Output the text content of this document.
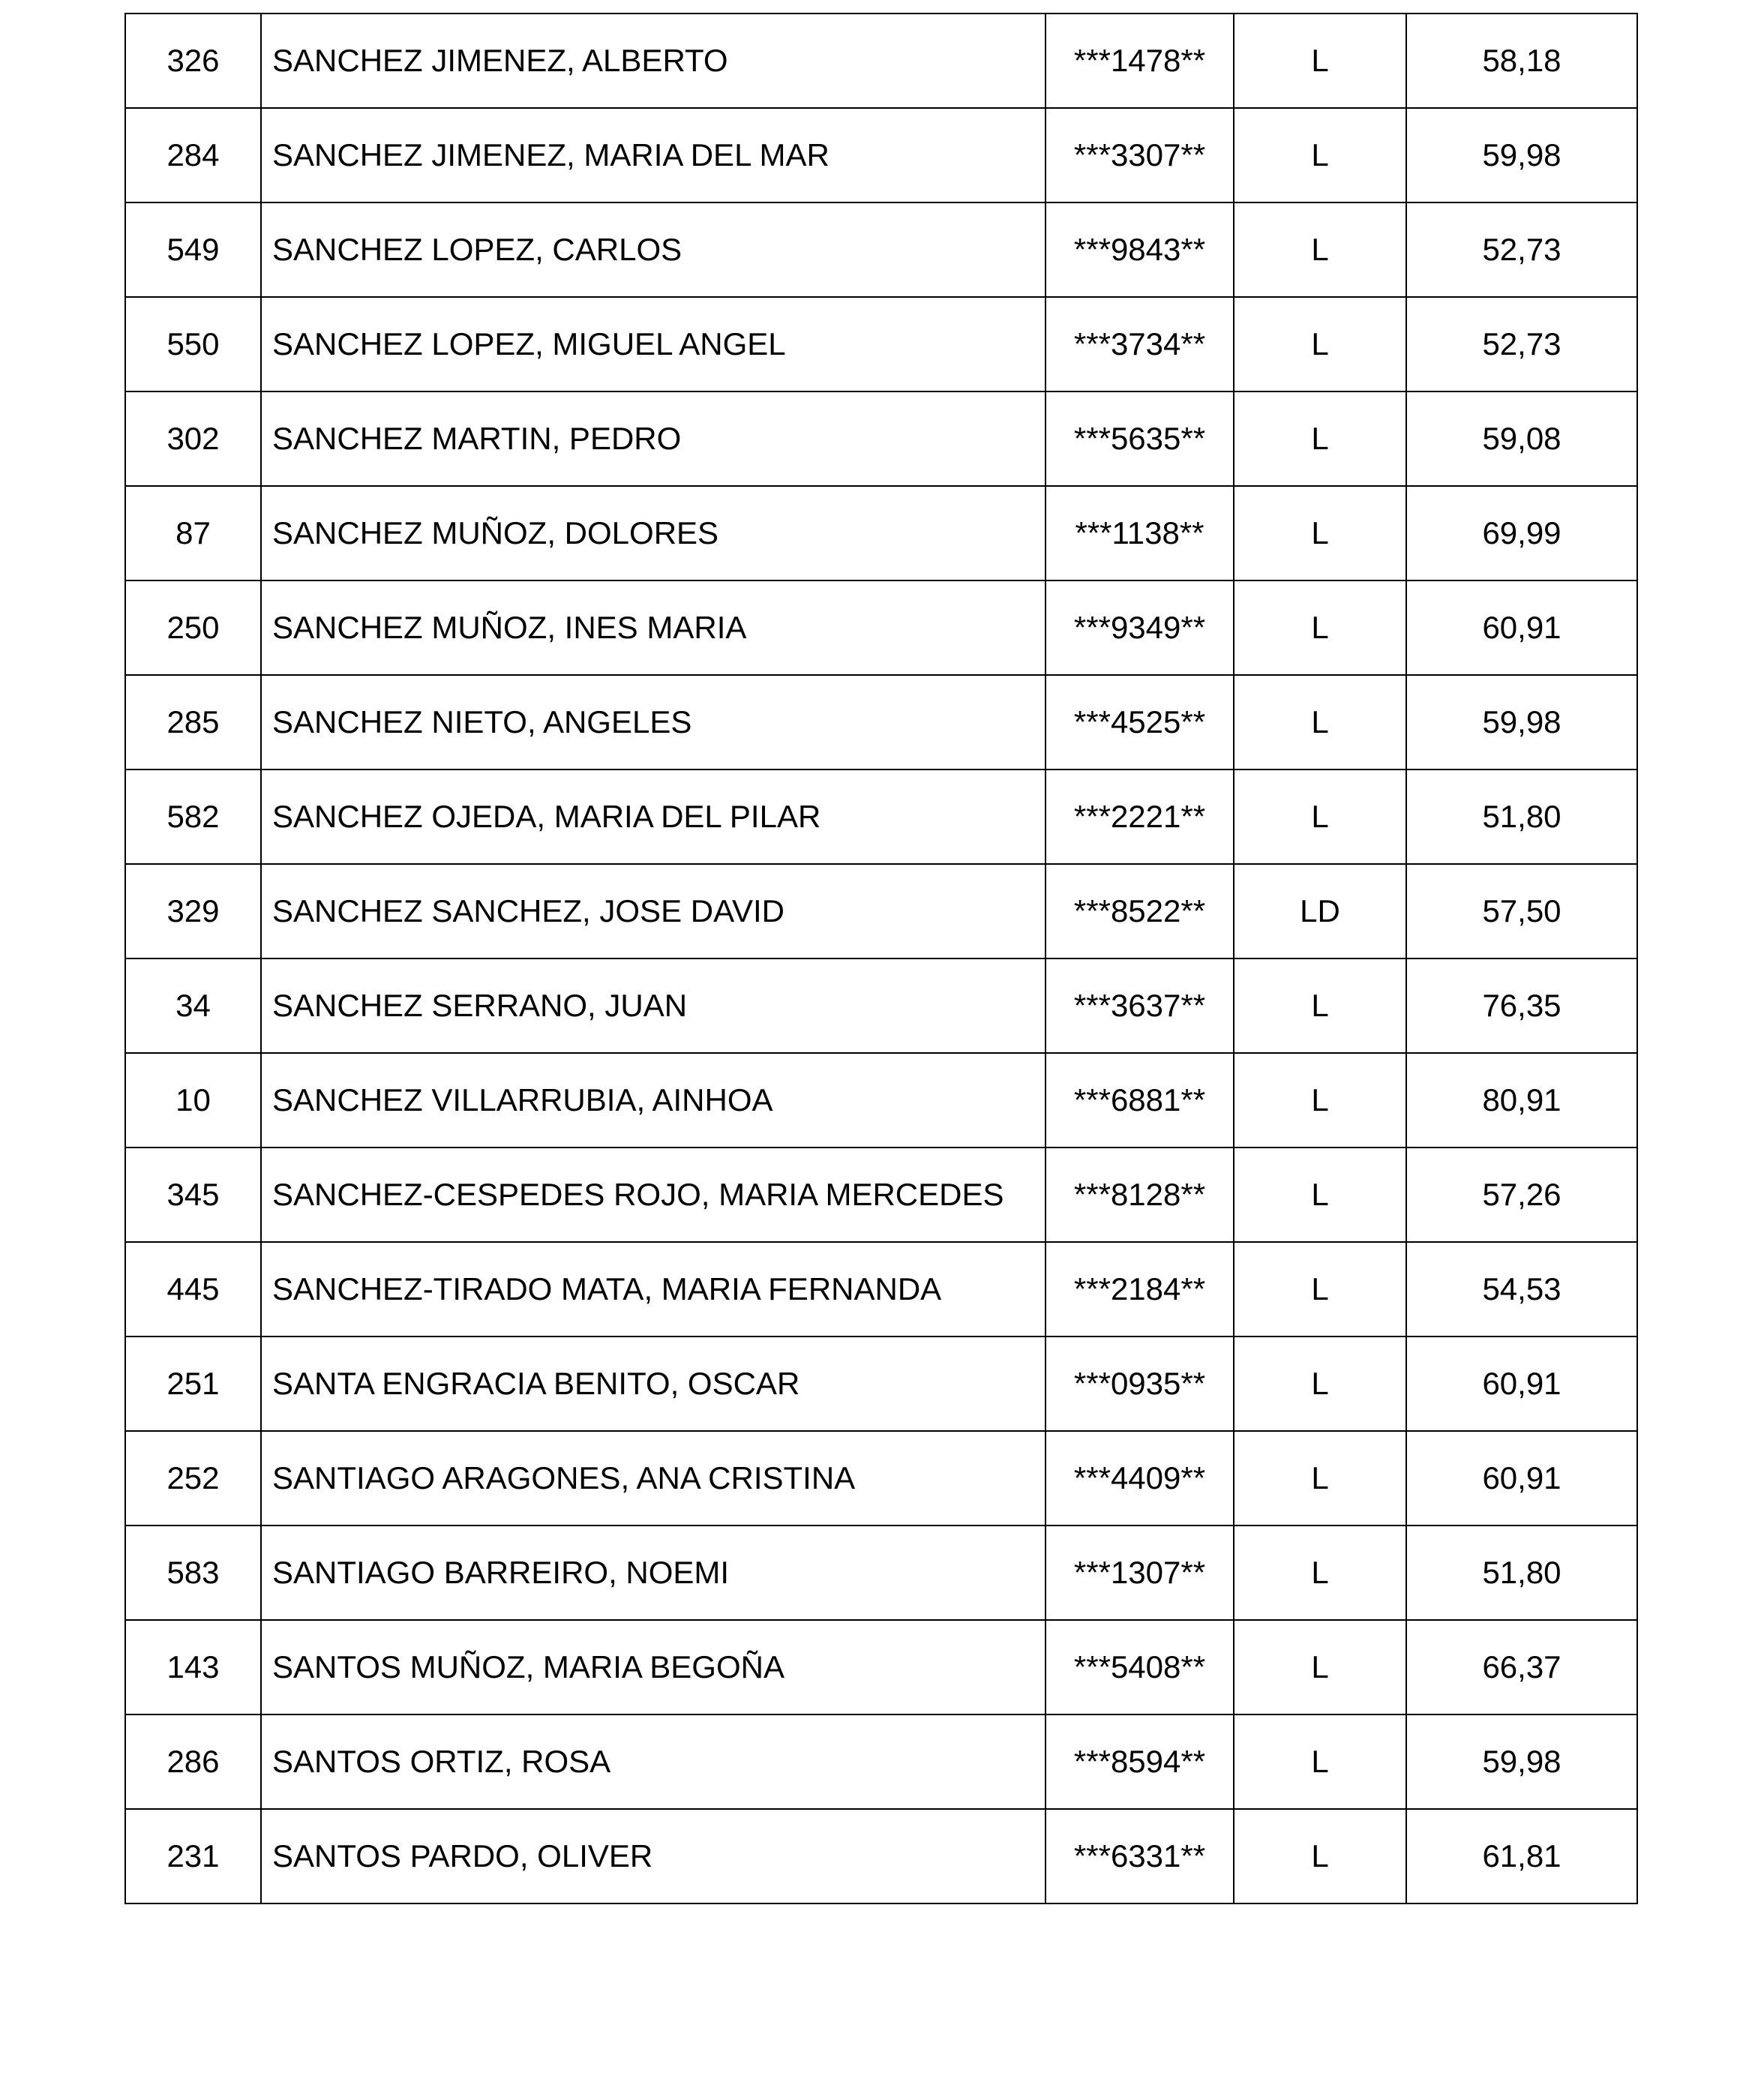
326	SANCHEZ JIMENEZ, ALBERTO	***1478**	L	58,18
284	SANCHEZ JIMENEZ, MARIA DEL MAR	***3307**	L	59,98
549	SANCHEZ LOPEZ, CARLOS	***9843**	L	52,73
550	SANCHEZ LOPEZ, MIGUEL ANGEL	***3734**	L	52,73
302	SANCHEZ MARTIN, PEDRO	***5635**	L	59,08
87	SANCHEZ MUÑOZ, DOLORES	***1138**	L	69,99
250	SANCHEZ MUÑOZ, INES MARIA	***9349**	L	60,91
285	SANCHEZ NIETO, ANGELES	***4525**	L	59,98
582	SANCHEZ OJEDA, MARIA DEL PILAR	***2221**	L	51,80
329	SANCHEZ SANCHEZ, JOSE DAVID	***8522**	LD	57,50
34	SANCHEZ SERRANO, JUAN	***3637**	L	76,35
10	SANCHEZ VILLARRUBIA, AINHOA	***6881**	L	80,91
345	SANCHEZ-CESPEDES ROJO, MARIA MERCEDES	***8128**	L	57,26
445	SANCHEZ-TIRADO MATA, MARIA FERNANDA	***2184**	L	54,53
251	SANTA ENGRACIA BENITO, OSCAR	***0935**	L	60,91
252	SANTIAGO ARAGONES, ANA CRISTINA	***4409**	L	60,91
583	SANTIAGO BARREIRO, NOEMI	***1307**	L	51,80
143	SANTOS MUÑOZ, MARIA BEGOÑA	***5408**	L	66,37
286	SANTOS ORTIZ, ROSA	***8594**	L	59,98
231	SANTOS PARDO, OLIVER	***6331**	L	61,81
